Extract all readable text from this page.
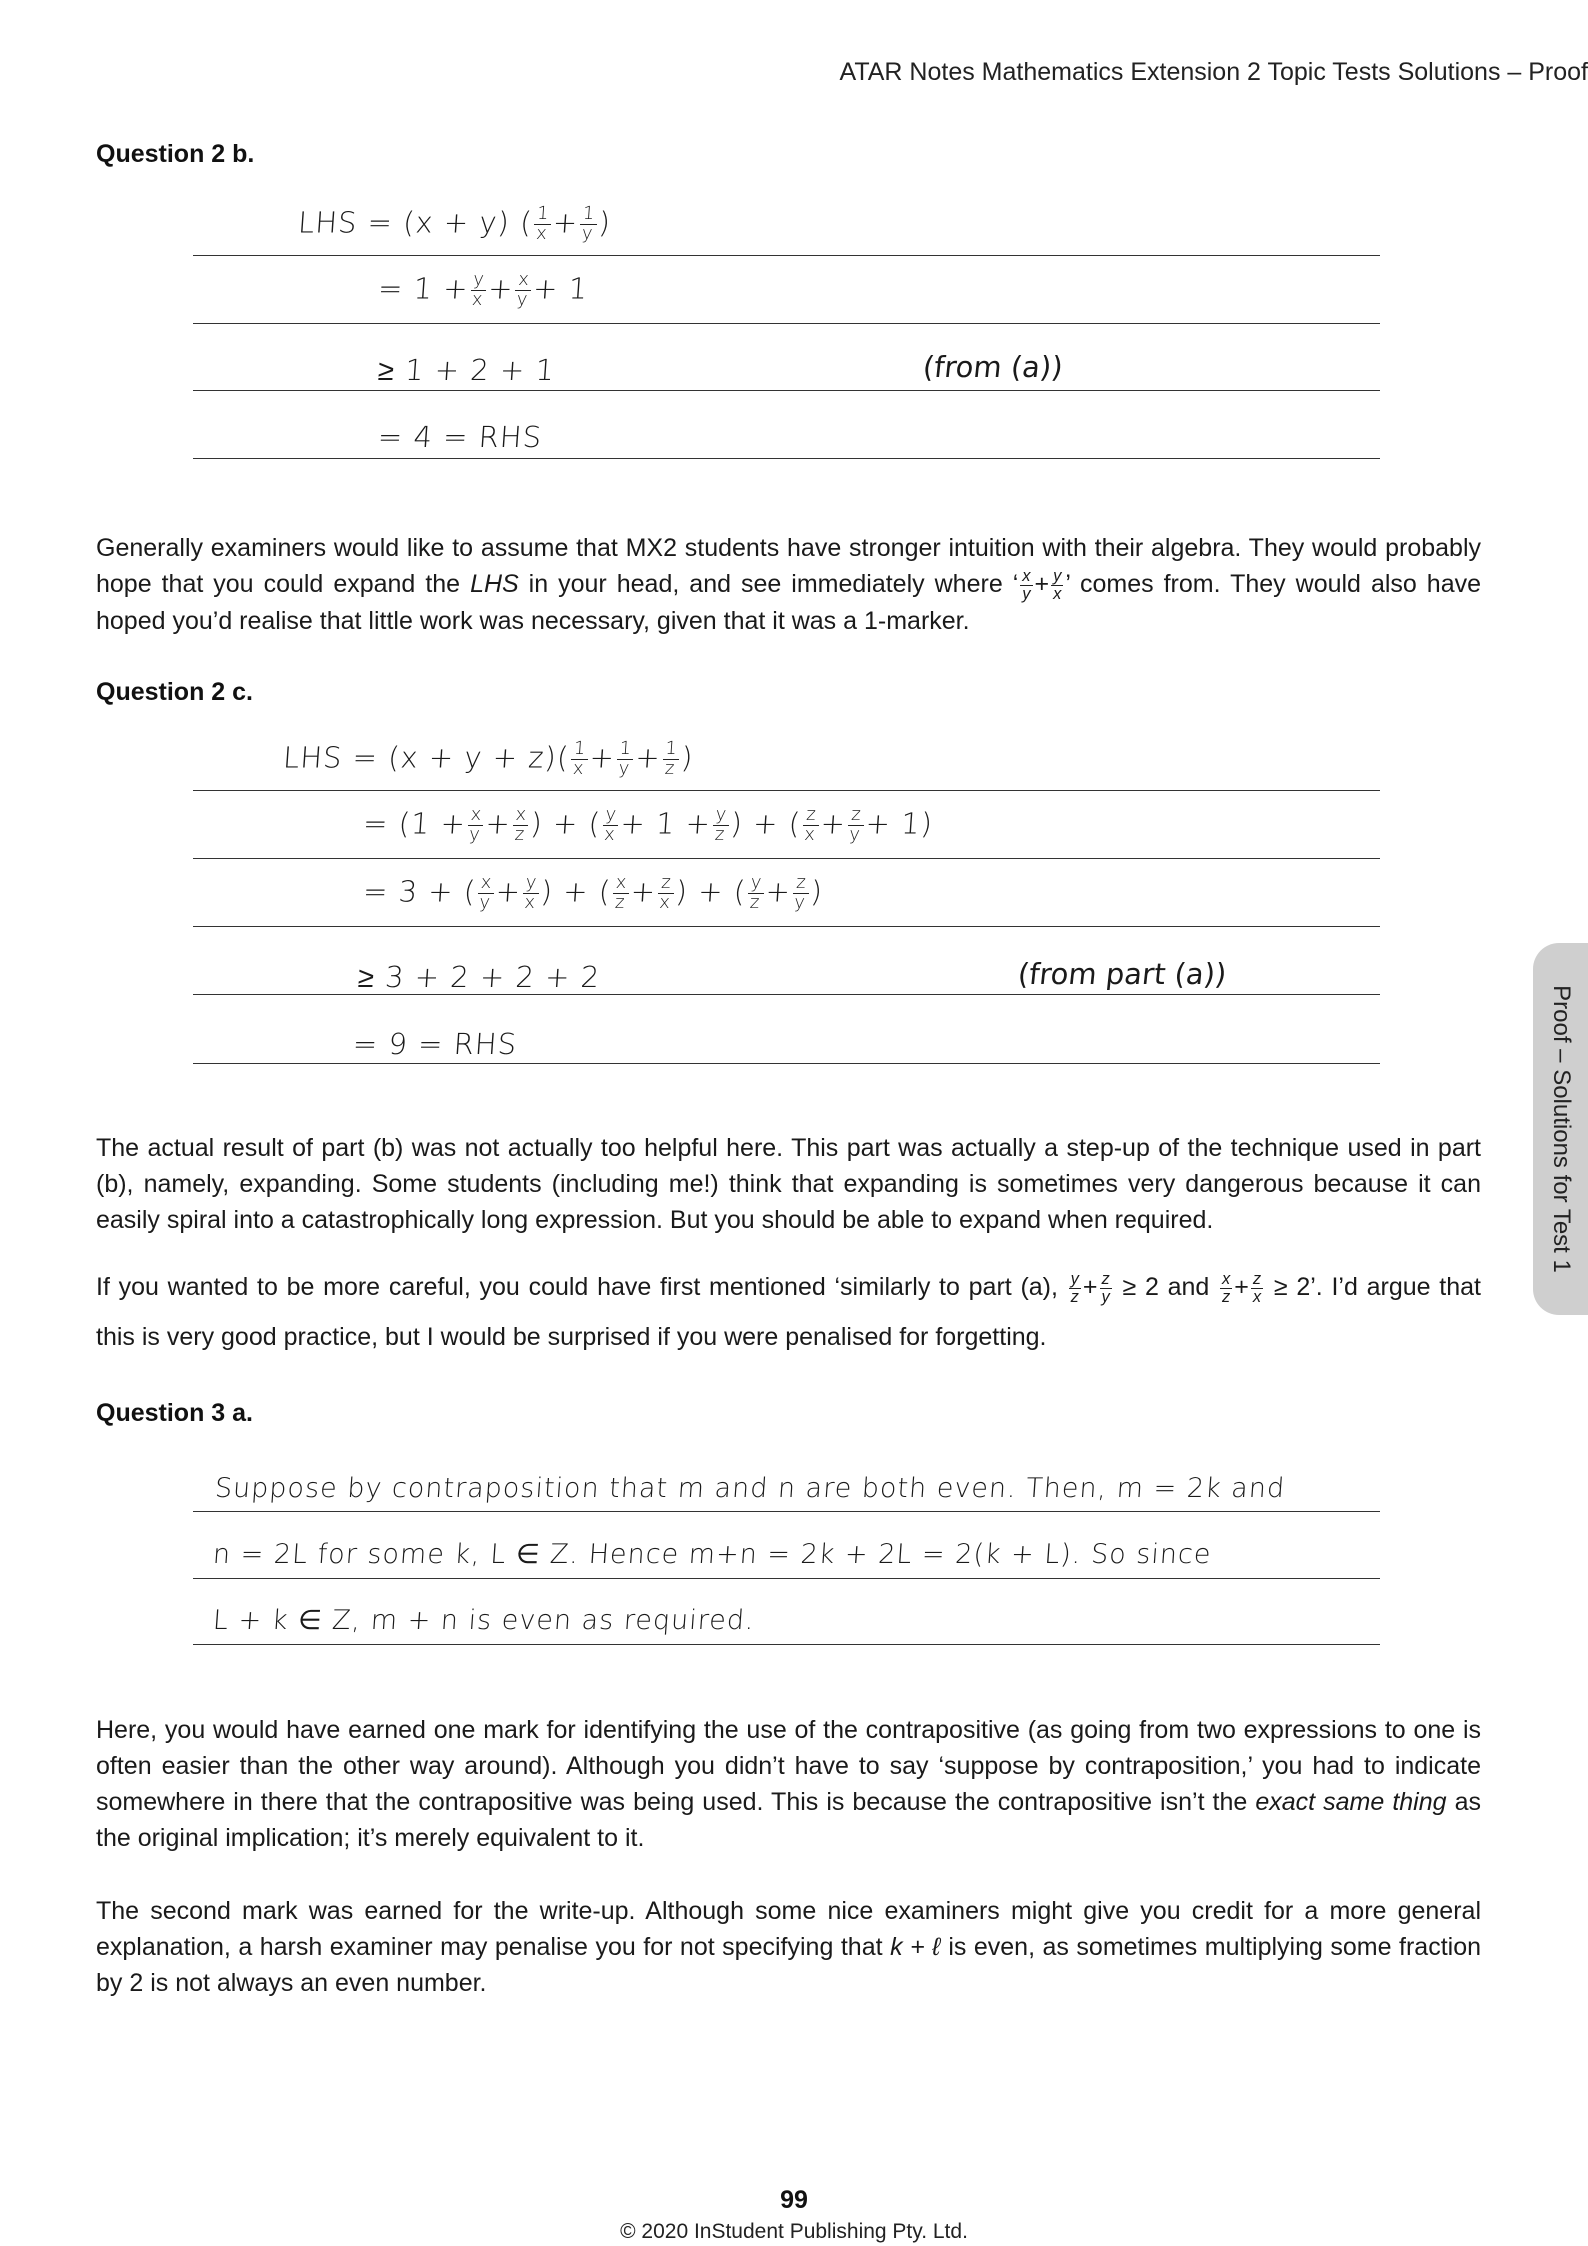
ATAR Notes Mathematics Extension 2 Topic Tests Solutions – Proof
Question 2 b.
LHS = (x + y) ( $\frac{1}{x} + \frac{1}{y}$ )
= $1 + \frac{y}{x} + \frac{x}{y} + 1$
≥ 1 + 2 + 1	(from (a))
= 4 = RHS

Generally examiners would like to assume that MX2 students have stronger intuition with their algebra. They would probably hope that you could expand the LHS in your head, and see immediately where ‘ $\frac{x}{y} + \frac{y}{x}$ ’ comes from. They would also have hoped you’d realise that little work was necessary, given that it was a 1-marker.

Question 2 c.
LHS = $(x + y + z)( \frac{1}{x} + \frac{1}{y} + \frac{1}{z}$ )
= ($1 + \frac{x}{y} + \frac{x}{z}$ ) + ( $\frac{y}{x} + 1 + \frac{y}{z}$ ) + ( $\frac{z}{x} + \frac{z}{y} + 1$)
= 3 + ( $\frac{x}{y} + \frac{y}{x}$ ) + ( $\frac{x}{z} + \frac{z}{x}$ ) + ( $\frac{y}{z} + \frac{z}{y}$ )
≥ 3 + 2 + 2 + 2	(from part (a))
= 9 = RHS

The actual result of part (b) was not actually too helpful here. This part was actually a step-up of the technique used in part (b), namely, expanding. Some students (including me!) think that expanding is sometimes very dangerous because it can easily spiral into a catastrophically long expression. But you should be able to expand when required.

If you wanted to be more careful, you could have first mentioned ‘similarly to part (a), $\frac{y}{z} + \frac{z}{y} \ge 2$ and $\frac{x}{z} + \frac{z}{x} \ge 2$’. I’d argue that this is very good practice, but I would be surprised if you were penalised for forgetting.

Question 3 a.
Suppose by contraposition that m and n are both even. Then, m = 2k and
n = 2L for some k, L ∈ Z. Hence m+n = 2k + 2L = 2(k + L). So since
L + k ∈ Z, m + n is even as required.

Here, you would have earned one mark for identifying the use of the contrapositive (as going from two expressions to one is often easier than the other way around). Although you didn’t have to say ‘suppose by contraposition,’ you had to indicate somewhere in there that the contrapositive was being used. This is because the contrapositive isn’t the exact same thing as the original implication; it’s merely equivalent to it.

The second mark was earned for the write-up. Although some nice examiners might give you credit for a more general explanation, a harsh examiner may penalise you for not specifying that k + ℓ is even, as sometimes multiplying some fraction by 2 is not always an even number.

Proof – Solutions for Test 1
99
© 2020 InStudent Publishing Pty. Ltd.
